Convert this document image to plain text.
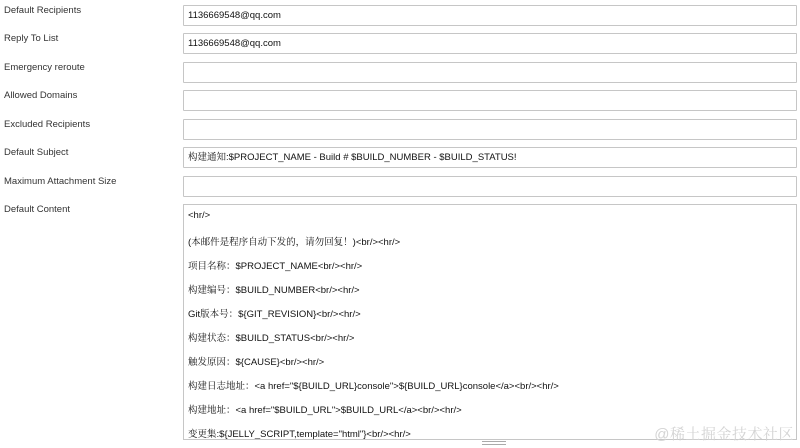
Default Recipients	1136669548@qq.com
Reply To List	1136669548@qq.com
Emergency reroute
Allowed Domains
Excluded Recipients
Default Subject	构建通知:$PROJECT_NAME - Build # $BUILD_NUMBER - $BUILD_STATUS!
Maximum Attachment Size
Default Content
<hr/>
(本邮件是程序自动下发的，请勿回复！)<br/><hr/>
项目名称：$PROJECT_NAME<br/><hr/>
构建编号：$BUILD_NUMBER<br/><hr/>
Git版本号：${GIT_REVISION}<br/><hr/>
构建状态：$BUILD_STATUS<br/><hr/>
触发原因：${CAUSE}<br/><hr/>
构建日志地址：<a href="${BUILD_URL}console">${BUILD_URL}console</a><br/><hr/>
构建地址：<a href="$BUILD_URL">$BUILD_URL</a><br/><hr/>
变更集:${JELLY_SCRIPT,template="html"}<br/><hr/>	@稀土掘金技术社区
